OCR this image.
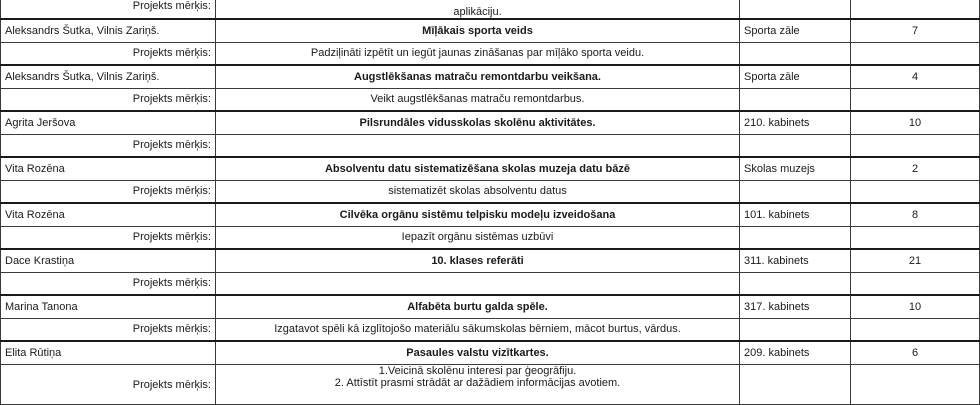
Projekts mērķis:	aplikāciju.		

Aleksandrs Šutka, Vilnis Zariņš.	Mīļākais sporta veids	Sporta zāle	7
Projekts mērķis:	Padziļināti izpētīt un iegūt jaunas zināšanas par mīļāko sporta veidu.		

Aleksandrs Šutka, Vilnis Zariņš.	Augstlēkšanas matraču remontdarbu veikšana.	Sporta zāle	4
Projekts mērķis:	Veikt augstlēkšanas matraču remontdarbus.		

Agrita Jeršova	Pilsrundāles vidusskolas skolēnu aktivitātes.	210. kabinets	10
Projekts mērķis:			
Vita Rozēna	Absolventu datu sistematizēšana skolas muzeja datu bāzē	Skolas muzejs	2
Projekts mērķis:	sistematizēt skolas absolventu datus		

Vita Rozēna	Cilvēka orgānu sistēmu telpisku modeļu izveidošana	101. kabinets	8
Projekts mērķis:	Iepazīt orgānu sistēmas uzbūvi		

Dace Krastiņa	10. klases referāti	311. kabinets	21
Projekts mērķis:			
Marina Tanona	Alfabēta burtu galda spēle.	317. kabinets	10
Projekts mērķis:	Izgatavot spēli kā izglītojošo materiālu sākumskolas bērniem, mācot burtus, vārdus.		

Elita Rūtiņa	Pasaules valstu vizītkartes.	209. kabinets	6
Projekts mērķis:	1.Veicinā skolēnu interesi par ģeogrāfiju.
2. Attīstīt prasmi strādāt ar dažādiem informācijas avotiem.		
